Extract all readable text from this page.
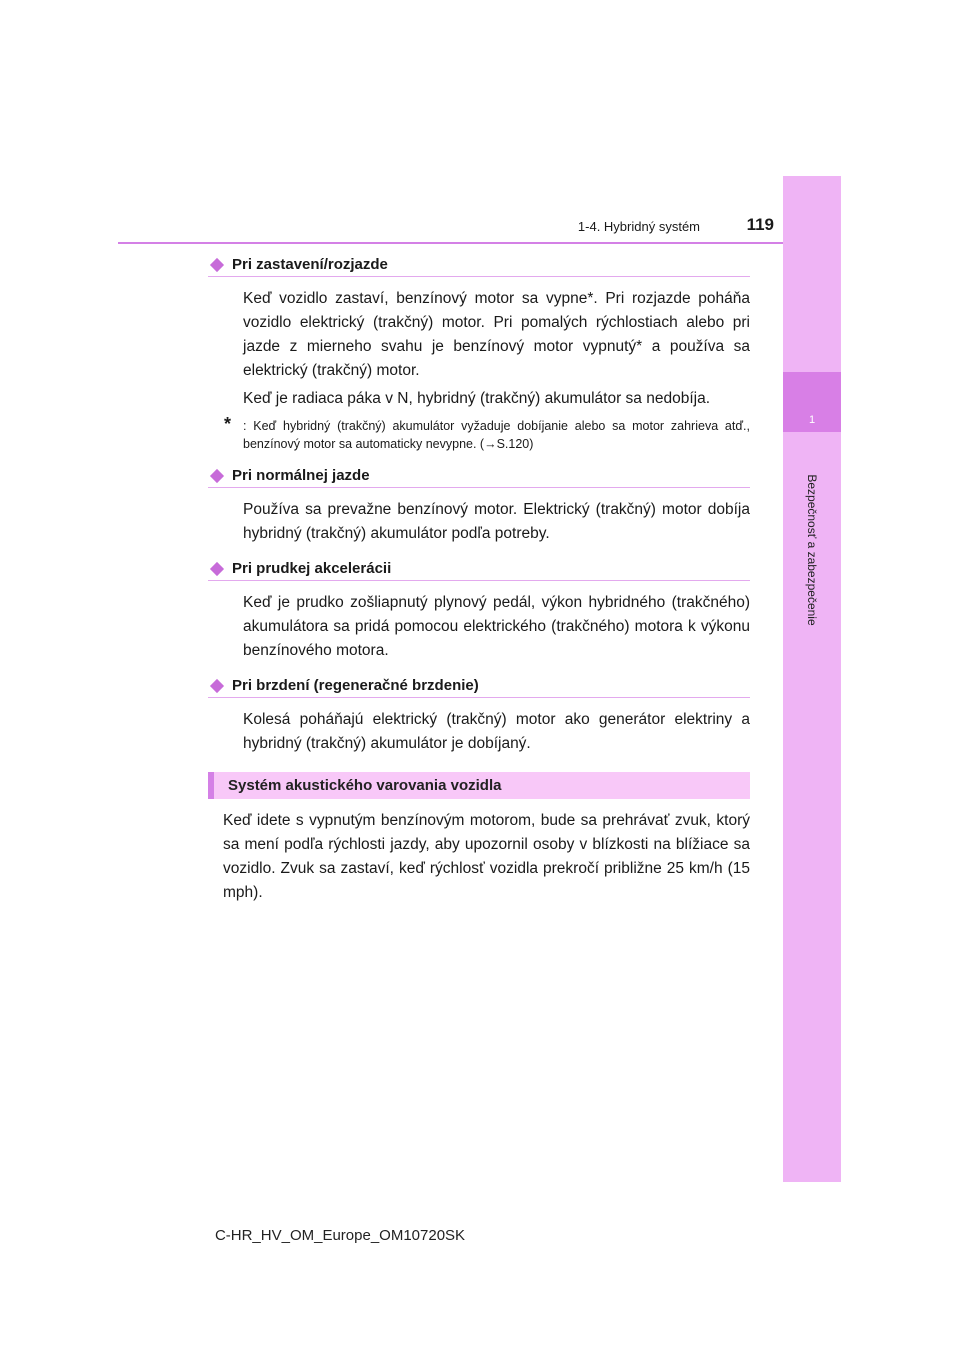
1
Bezpečnosť a zabezpečenie
1-4. Hybridný systém	119
Pri zastavení/rozjazde

Keď vozidlo zastaví, benzínový motor sa vypne*. Pri rozjazde poháňa vozidlo elektrický (trakčný) motor. Pri pomalých rýchlostiach alebo pri jazde z mierneho svahu je benzínový motor vypnutý* a používa sa elektrický (trakčný) motor.

Keď je radiaca páka v N, hybridný (trakčný) akumulátor sa nedobíja.

* : Keď hybridný (trakčný) akumulátor vyžaduje dobíjanie alebo sa motor zahrieva atď., benzínový motor sa automaticky nevypne. (→S.120)
Pri normálnej jazde

Používa sa prevažne benzínový motor. Elektrický (trakčný) motor dobíja hybridný (trakčný) akumulátor podľa potreby.

Pri prudkej akcelerácii

Keď je prudko zošliapnutý plynový pedál, výkon hybridného (trakčného) akumulátora sa pridá pomocou elektrického (trakčného) motora k výkonu benzínového motora.

Pri brzdení (regeneračné brzdenie)

Kolesá poháňajú elektrický (trakčný) motor ako generátor elektriny a hybridný (trakčný) akumulátor je dobíjaný.

Systém akustického varovania vozidla

Keď idete s vypnutým benzínovým motorom, bude sa prehrávať zvuk, ktorý sa mení podľa rýchlosti jazdy, aby upozornil osoby v blízkosti na blížiace sa vozidlo. Zvuk sa zastaví, keď rýchlosť vozidla prekročí približne 25 km/h (15 mph).

C-HR_HV_OM_Europe_OM10720SK
